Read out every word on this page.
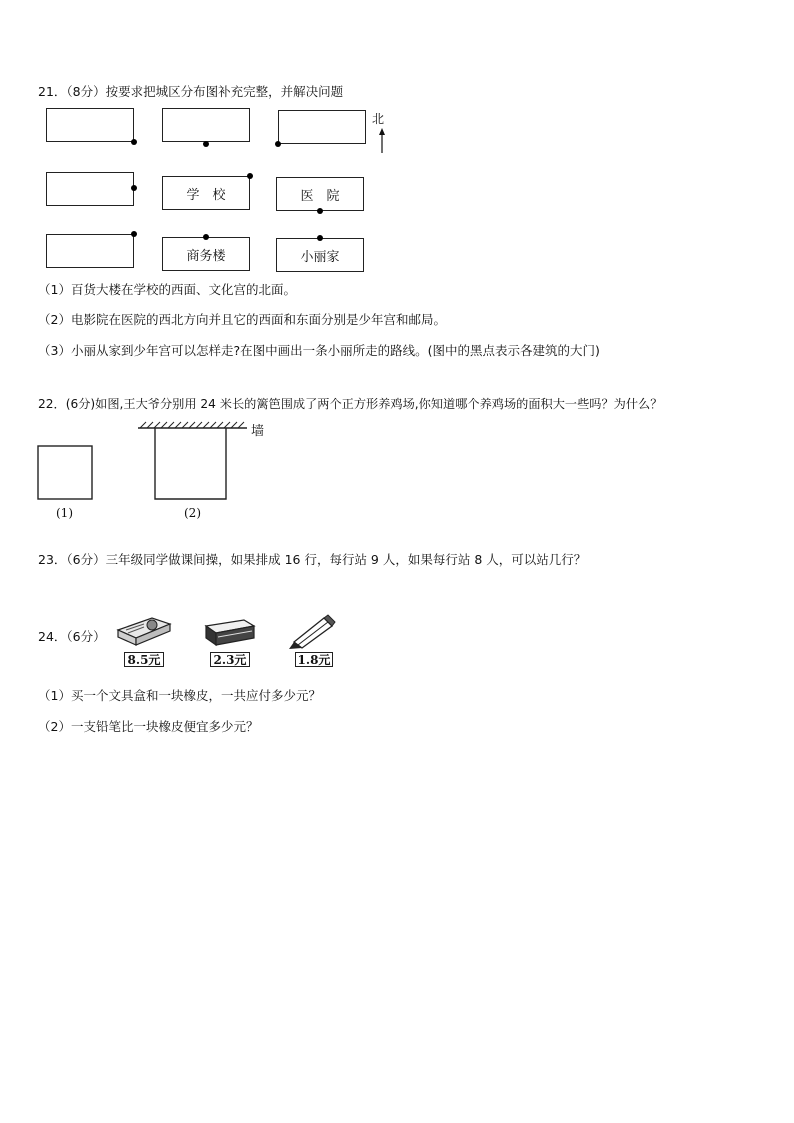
21．（8分）按要求把城区分布图补充完整，并解决问题
学　校	医　院
商务楼	小丽家
北
（1）百货大楼在学校的西面、文化宫的北面。
（2）电影院在医院的西北方向并且它的西面和东面分别是少年宫和邮局。
（3）小丽从家到少年宫可以怎样走?在图中画出一条小丽所走的路线。(图中的黑点表示各建筑的大门)
22．(6分)如图,王大爷分别用 24 米长的篱笆围成了两个正方形养鸡场,你知道哪个养鸡场的面积大一些吗？为什么？
墙
(1)	(2)
23．（6分）三年级同学做课间操，如果排成 16 行，每行站 9 人，如果每行站 8 人，可以站几行？
24．（6分）
8.5元	2.3元	1.8元
（1）买一个文具盒和一块橡皮，一共应付多少元？
（2）一支铅笔比一块橡皮便宜多少元？
